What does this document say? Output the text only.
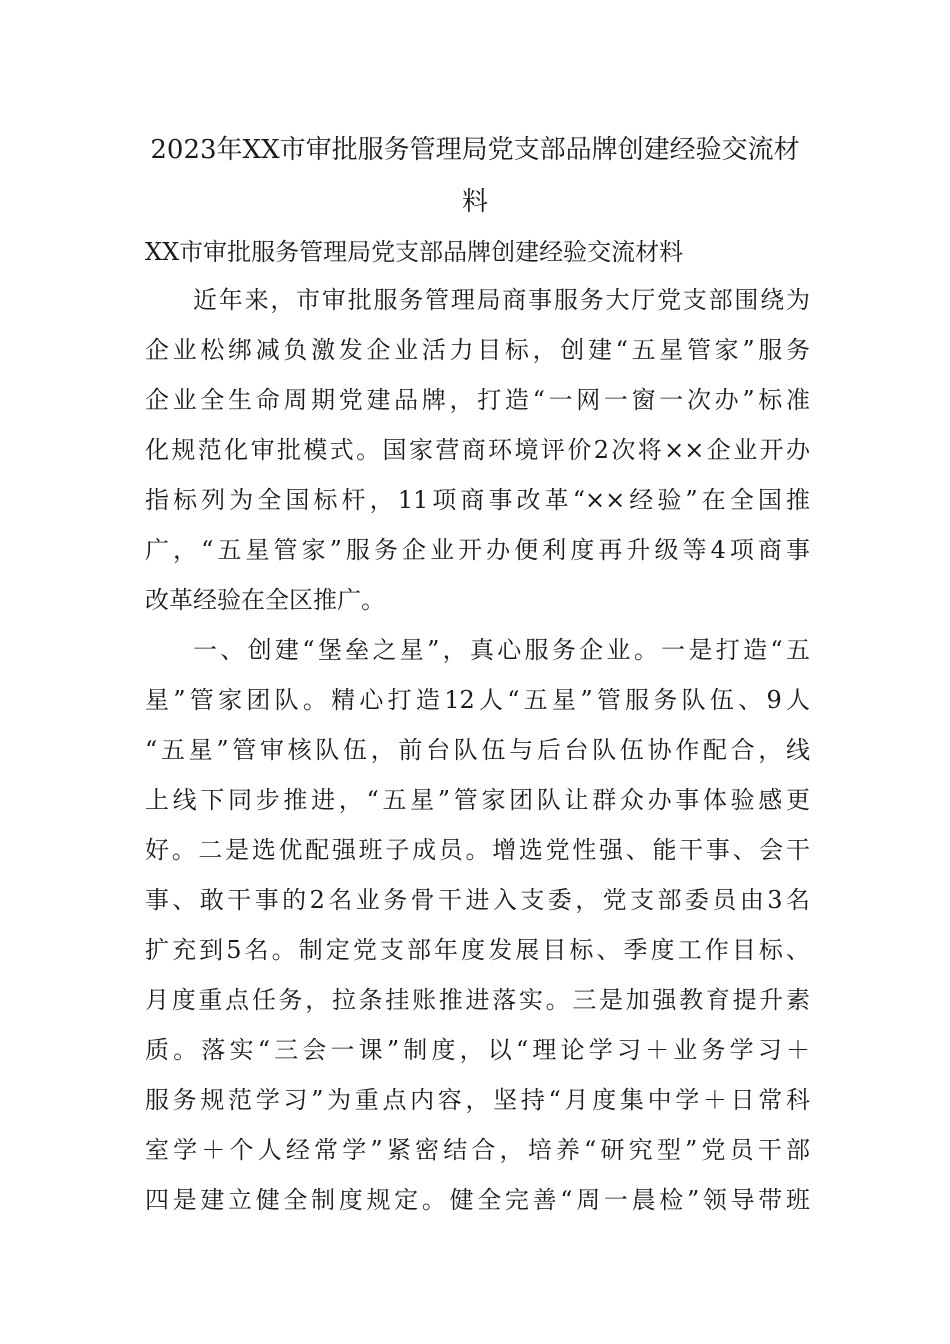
2023年XX市审批服务管理局党支部品牌创建经验交流材
料

XX市审批服务管理局党支部品牌创建经验交流材料

近年来，市审批服务管理局商事服务大厅党支部围绕为

企业松绑减负激发企业活力目标，创建“五星管家”服务

企业全生命周期党建品牌，打造“一网一窗一次办”标准

化规范化审批模式。国家营商环境评价2次将××企业开办

指标列为全国标杆，11项商事改革“××经验”在全国推

广，“五星管家”服务企业开办便利度再升级等4项商事

改革经验在全区推广。

一、创建“堡垒之星”，真心服务企业。一是打造“五

星”管家团队。精心打造12人“五星”管服务队伍、9人

“五星”管审核队伍，前台队伍与后台队伍协作配合，线

上线下同步推进，“五星”管家团队让群众办事体验感更

好。二是选优配强班子成员。增选党性强、能干事、会干

事、敢干事的2名业务骨干进入支委，党支部委员由3名

扩充到5名。制定党支部年度发展目标、季度工作目标、

月度重点任务，拉条挂账推进落实。三是加强教育提升素

质。落实“三会一课”制度，以“理论学习＋业务学习＋

服务规范学习”为重点内容，坚持“月度集中学＋日常科

室学＋个人经常学”紧密结合，培养“研究型”党员干部

四是建立健全制度规定。健全完善“周一晨检”领导带班
